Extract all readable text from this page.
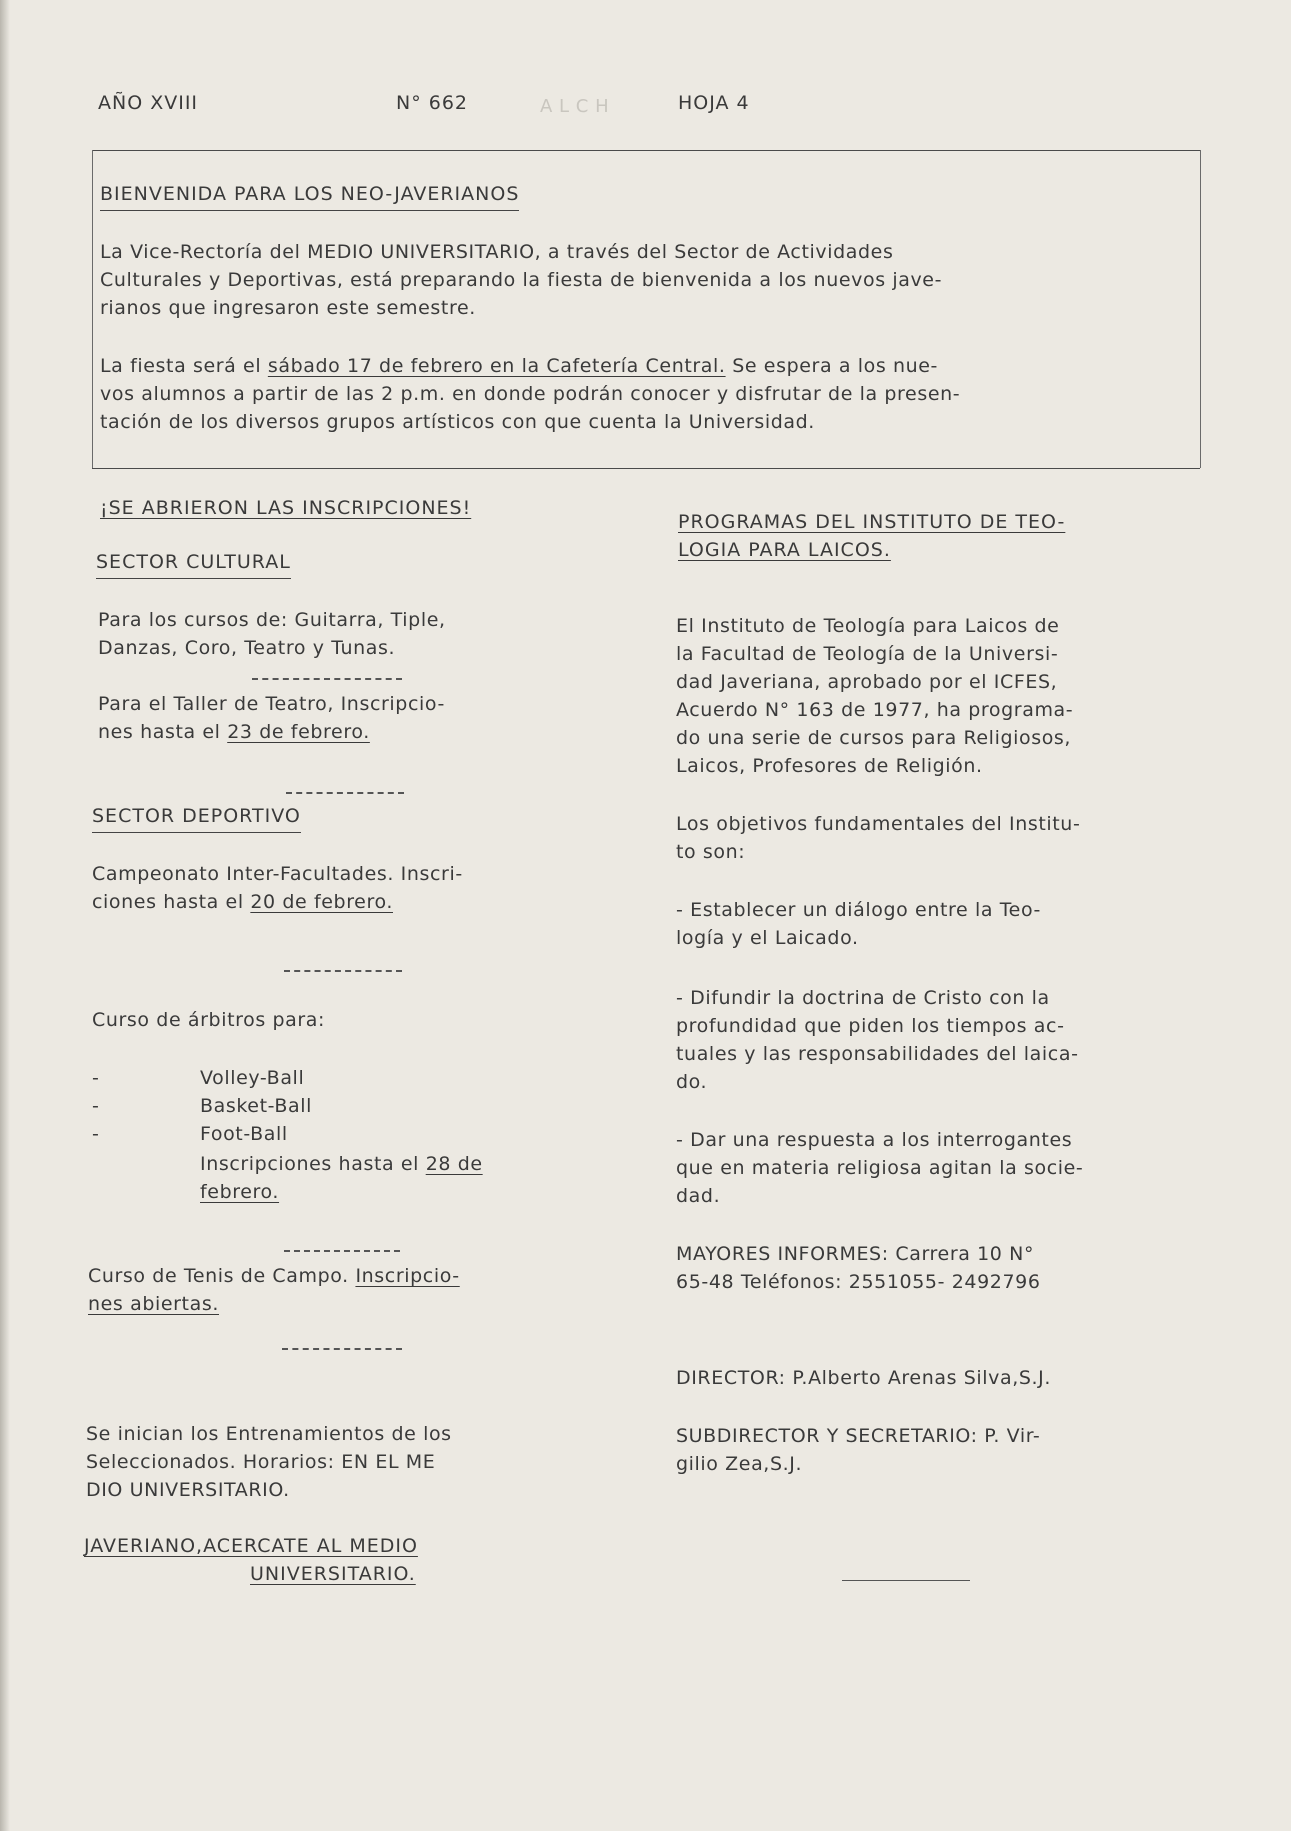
A L C H
AÑO XVIII	N° 662	HOJA 4
BIENVENIDA PARA LOS NEO-JAVERIANOS
La Vice-Rectoría del MEDIO UNIVERSITARIO, a través del Sector de Actividades
Culturales y Deportivas, está preparando la fiesta de bienvenida a los nuevos jave-
rianos que ingresaron este semestre.
La fiesta será el sábado 17 de febrero en la Cafetería Central. Se espera a los nue-
vos alumnos a partir de las 2 p.m. en donde podrán conocer y disfrutar de la presen-
tación de los diversos grupos artísticos con que cuenta la Universidad.
¡SE ABRIERON LAS INSCRIPCIONES!
SECTOR CULTURAL
Para los cursos de: Guitarra, Tiple,
Danzas, Coro, Teatro y Tunas.
Para el Taller de Teatro, Inscripcio-
nes hasta el 23 de febrero.
SECTOR DEPORTIVO
Campeonato Inter-Facultades. Inscri-
ciones hasta el 20 de febrero.
Curso de árbitros para:
-	Volley-Ball
-	Basket-Ball
-	Foot-Ball
Inscripciones hasta el 28 de
febrero.
Curso de Tenis de Campo. Inscripcio-
nes abiertas.
Se inician los Entrenamientos de los
Seleccionados. Horarios: EN EL ME
DIO UNIVERSITARIO.
JAVERIANO,ACERCATE AL MEDIO
UNIVERSITARIO.
PROGRAMAS DEL INSTITUTO DE TEO-
LOGIA PARA LAICOS.
El Instituto de Teología para Laicos de
la Facultad de Teología de la Universi-
dad Javeriana, aprobado por el ICFES,
Acuerdo N° 163 de 1977, ha programa-
do una serie de cursos para Religiosos,
Laicos, Profesores de Religión.
Los objetivos fundamentales del Institu-
to son:
- Establecer un diálogo entre la Teo-
logía y el Laicado.
- Difundir la doctrina de Cristo con la
profundidad que piden los tiempos ac-
tuales y las responsabilidades del laica-
do.
- Dar una respuesta a los interrogantes
que en materia religiosa agitan la socie-
dad.
MAYORES INFORMES: Carrera 10 N°
65-48 Teléfonos: 2551055- 2492796
DIRECTOR: P.Alberto Arenas Silva,S.J.
SUBDIRECTOR Y SECRETARIO: P. Vir-
gilio Zea,S.J.
